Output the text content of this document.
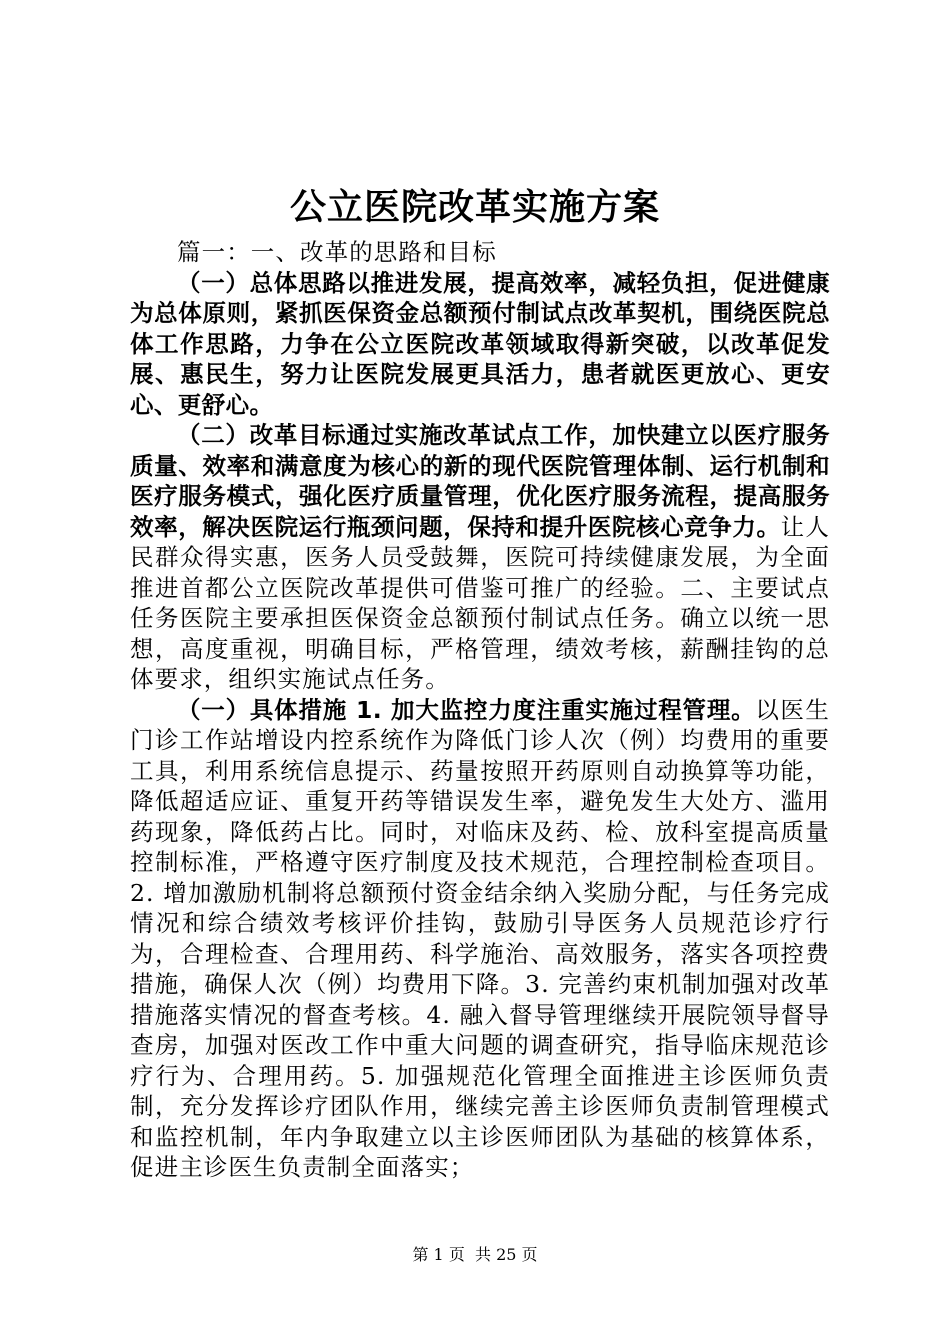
公立医院改革实施方案

篇一：一、改革的思路和目标

（一）总体思路以推进发展，提高效率，减轻负担，促进健康为总体原则，紧抓医保资金总额预付制试点改革契机，围绕医院总体工作思路，力争在公立医院改革领域取得新突破，以改革促发展、惠民生，努力让医院发展更具活力，患者就医更放心、更安心、更舒心。

（二）改革目标通过实施改革试点工作，加快建立以医疗服务质量、效率和满意度为核心的新的现代医院管理体制、运行机制和医疗服务模式，强化医疗质量管理，优化医疗服务流程，提高服务效率，解决医院运行瓶颈问题，保持和提升医院核心竞争力。让人民群众得实惠，医务人员受鼓舞，医院可持续健康发展，为全面推进首都公立医院改革提供可借鉴可推广的经验。二、主要试点任务医院主要承担医保资金总额预付制试点任务。确立以统一思想，高度重视，明确目标，严格管理，绩效考核，薪酬挂钩的总体要求，组织实施试点任务。

（一）具体措施 1. 加大监控力度注重实施过程管理。以医生门诊工作站增设内控系统作为降低门诊人次（例）均费用的重要工具，利用系统信息提示、药量按照开药原则自动换算等功能，降低超适应证、重复开药等错误发生率，避免发生大处方、滥用药现象，降低药占比。同时，对临床及药、检、放科室提高质量控制标准，严格遵守医疗制度及技术规范，合理控制检查项目。2. 增加激励机制将总额预付资金结余纳入奖励分配，与任务完成情况和综合绩效考核评价挂钩，鼓励引导医务人员规范诊疗行为，合理检查、合理用药、科学施治、高效服务，落实各项控费措施，确保人次（例）均费用下降。3. 完善约束机制加强对改革措施落实情况的督查考核。4. 融入督导管理继续开展院领导督导查房，加强对医改工作中重大问题的调查研究，指导临床规范诊疗行为、合理用药。5. 加强规范化管理全面推进主诊医师负责制，充分发挥诊疗团队作用，继续完善主诊医师负责制管理模式和监控机制，年内争取建立以主诊医师团队为基础的核算体系，促进主诊医生负责制全面落实；

第 1 页  共 25 页
